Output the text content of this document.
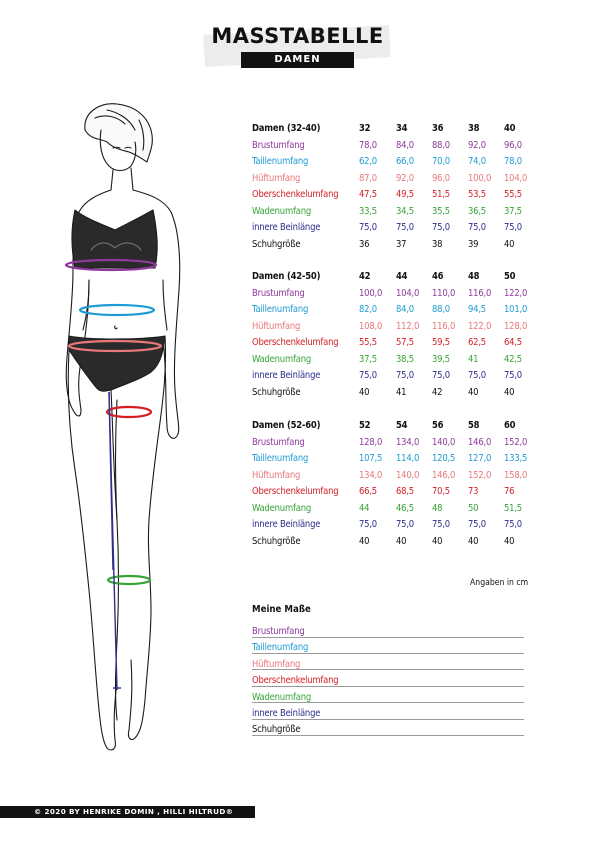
MASSTABELLE
DAMEN
Damen (32-40)	32	34	36	38	40
Brustumfang	78,0 84,0 88,0 92,0 96,0
Taillenumfang	62,0 66,0 70,0 74,0 78,0
Hüftumfang	87,0 92,0 96,0 100,0 104,0
Oberschenkelumfang 47,5 49,5 51,5 53,5 55,5
Wadenumfang	33,5 34,5 35,5 36,5 37,5
innere Beinlänge	75,0 75,0 75,0 75,0 75,0
Schuhgröße	36	37	38	39	40
Damen (42-50)	42	44	46	48	50
Brustumfang	100,0 104,0 110,0 116,0 122,0
Taillenumfang	82,0 84,0 88,0 94,5 101,0
Hüftumfang	108,0 112,0 116,0 122,0 128,0
Oberschenkelumfang 55,5 57,5 59,5 62,5 64,5
Wadenumfang	37,5 38,5 39,5 41	42,5
innere Beinlänge	75,0 75,0 75,0 75,0 75,0
Schuhgröße	40	41	42	40	40
Damen (52-60)	52	54	56	58	60
Brustumfang	128,0 134,0 140,0 146,0 152,0
Taillenumfang	107,5 114,0 120,5 127,0 133,5
Hüftumfang	134,0 140,0 146,0 152,0 158,0
Oberschenkelumfang 66,5 68,5 70,5 73	76
Wadenumfang	44	46,5 48	50	51,5
innere Beinlänge	75,0 75,0 75,0 75,0 75,0
Schuhgröße	40	40	40	40	40
Angaben in cm
Meine Maße
Brustumfang
Taillenumfang
Hüftumfang
Oberschenkelumfang
Wadenumfang
innere Beinlänge
Schuhgröße
© 2020 BY HENRIKE DOMIN , HILLI HILTRUD®
